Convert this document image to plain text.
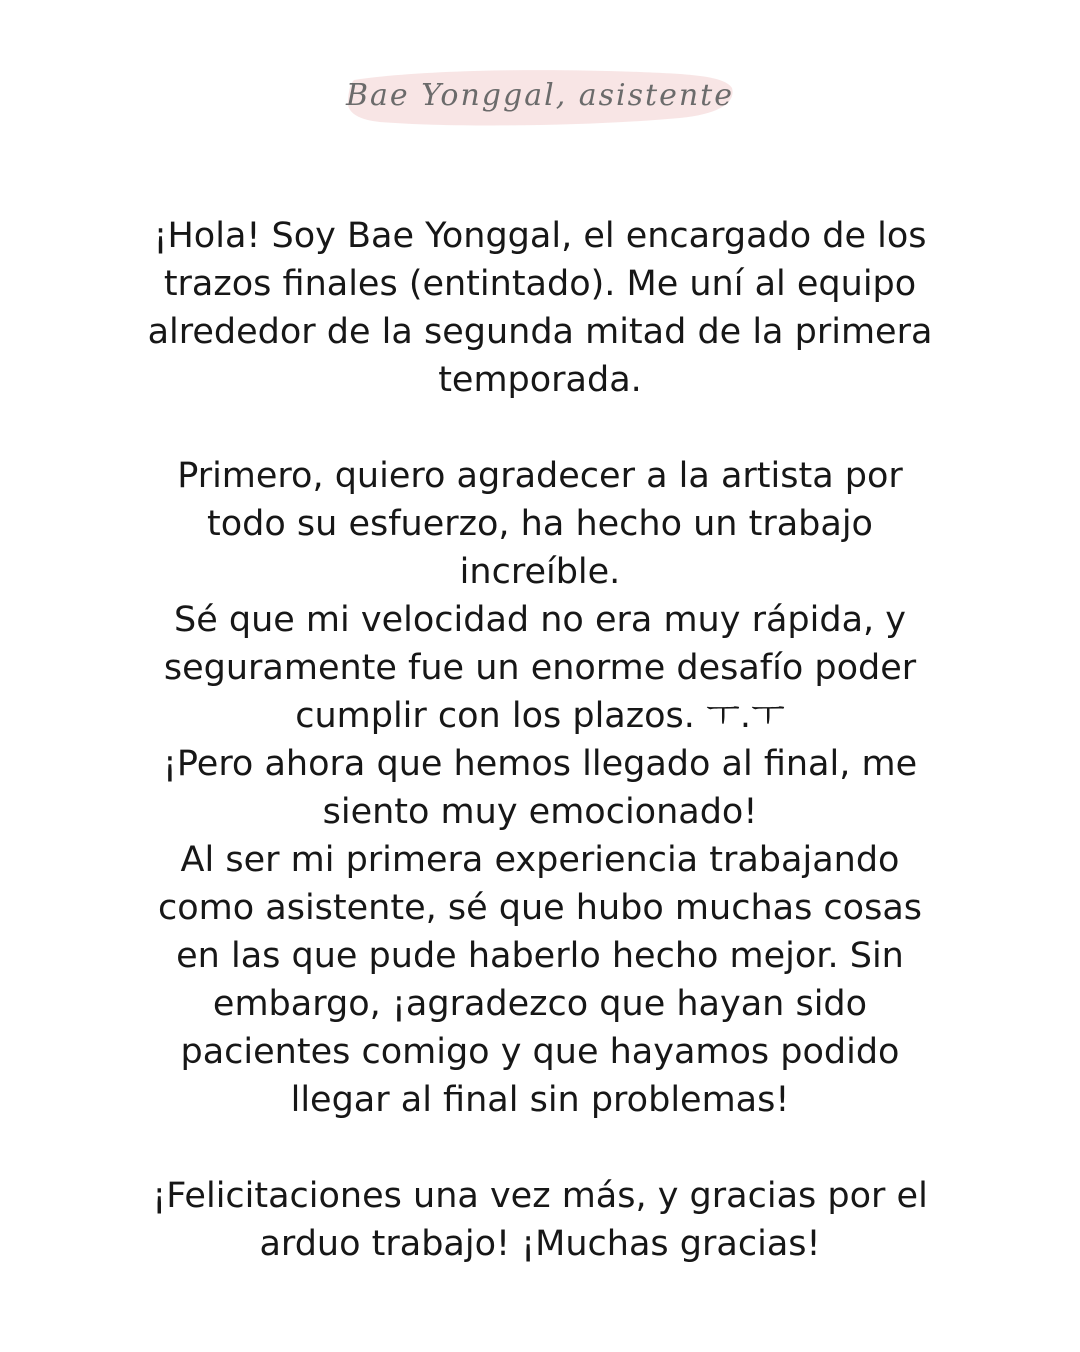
Bae Yonggal, asistente

¡Hola! Soy Bae Yonggal, el encargado de los
trazos finales (entintado). Me uní al equipo
alrededor de la segunda mitad de la primera
temporada.

Primero, quiero agradecer a la artista por
todo su esfuerzo, ha hecho un trabajo
increíble.
Sé que mi velocidad no era muy rápida, y
seguramente fue un enorme desafío poder
cumplir con los plazos. ㅜ.ㅜ
¡Pero ahora que hemos llegado al final, me
siento muy emocionado!
Al ser mi primera experiencia trabajando
como asistente, sé que hubo muchas cosas
en las que pude haberlo hecho mejor. Sin
embargo, ¡agradezco que hayan sido
pacientes comigo y que hayamos podido
llegar al final sin problemas!

¡Felicitaciones una vez más, y gracias por el
arduo trabajo! ¡Muchas gracias!
